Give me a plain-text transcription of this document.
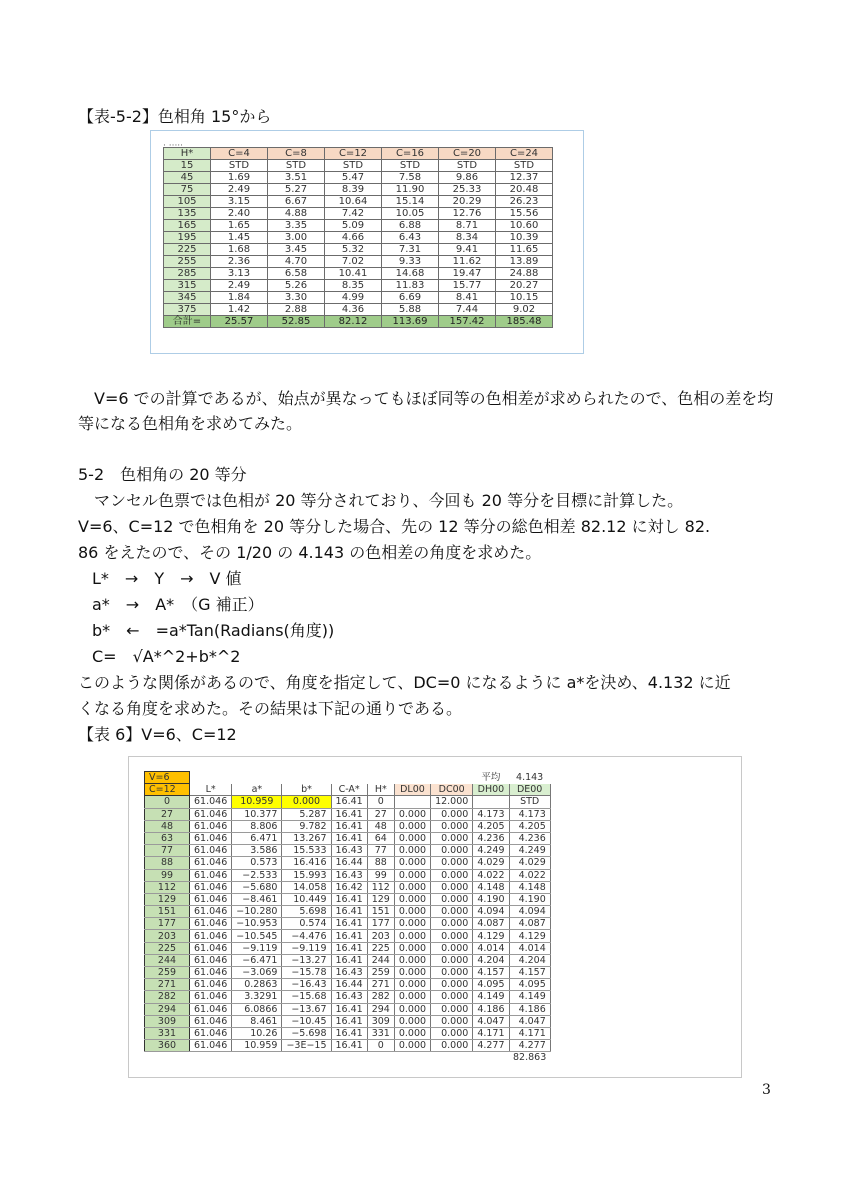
【表-5-2】色相角 15°から
· ·····
H*	C=4	C=8	C=12	C=16	C=20	C=24
15	STD	STD	STD	STD	STD	STD
45	1.69	3.51	5.47	7.58	9.86	12.37
75	2.49	5.27	8.39	11.90	25.33	20.48
105	3.15	6.67	10.64	15.14	20.29	26.23
135	2.40	4.88	7.42	10.05	12.76	15.56
165	1.65	3.35	5.09	6.88	8.71	10.60
195	1.45	3.00	4.66	6.43	8.34	10.39
225	1.68	3.45	5.32	7.31	9.41	11.65
255	2.36	4.70	7.02	9.33	11.62	13.89
285	3.13	6.58	10.41	14.68	19.47	24.88
315	2.49	5.26	8.35	11.83	15.77	20.27
345	1.84	3.30	4.99	6.69	8.41	10.15
375	1.42	2.88	4.36	5.88	7.44	9.02
合計=	25.57	52.85	82.12	113.69	157.42	185.48

　V=6 での計算であるが、始点が異なってもほぼ同等の色相差が求められたので、色相の差を均等になる色相角を求めてみた。

5-2　色相角の 20 等分
　マンセル色票では色相が 20 等分されており、今回も 20 等分を目標に計算した。
V=6、C=12 で色相角を 20 等分した場合、先の 12 等分の総色相差 82.12 に対し 82.
86 をえたので、その 1/20 の 4.143 の色相差の角度を求めた。
L*　→　Y　→　V 値
a*　→　A*　（G 補正）
b*　←　=a*Tan(Radians(角度))
C=　√A*^2+b*^2
このような関係があるので、角度を指定して、DC=0 になるように a*を決め、4.132 に近
くなる角度を求めた。その結果は下記の通りである。
【表 6】V=6、C=12
V=6								平均	4.143
C=12	L*	a*	b*	C-A*	H*	DL00	DC00	DH00	DE00
0	61.046	10.959	0.000	16.41	0		12.000		STD
27	61.046	10.377	5.287	16.41	27	0.000	0.000	4.173	4.173
48	61.046	8.806	9.782	16.41	48	0.000	0.000	4.205	4.205
63	61.046	6.471	13.267	16.41	64	0.000	0.000	4.236	4.236
77	61.046	3.586	15.533	16.43	77	0.000	0.000	4.249	4.249
88	61.046	0.573	16.416	16.44	88	0.000	0.000	4.029	4.029
99	61.046	−2.533	15.993	16.43	99	0.000	0.000	4.022	4.022
112	61.046	−5.680	14.058	16.42	112	0.000	0.000	4.148	4.148
129	61.046	−8.461	10.449	16.41	129	0.000	0.000	4.190	4.190
151	61.046	−10.280	5.698	16.41	151	0.000	0.000	4.094	4.094
177	61.046	−10.953	0.574	16.41	177	0.000	0.000	4.087	4.087
203	61.046	−10.545	−4.476	16.41	203	0.000	0.000	4.129	4.129
225	61.046	−9.119	−9.119	16.41	225	0.000	0.000	4.014	4.014
244	61.046	−6.471	−13.27	16.41	244	0.000	0.000	4.204	4.204
259	61.046	−3.069	−15.78	16.43	259	0.000	0.000	4.157	4.157
271	61.046	0.2863	−16.43	16.44	271	0.000	0.000	4.095	4.095
282	61.046	3.3291	−15.68	16.43	282	0.000	0.000	4.149	4.149
294	61.046	6.0866	−13.67	16.41	294	0.000	0.000	4.186	4.186
309	61.046	8.461	−10.45	16.41	309	0.000	0.000	4.047	4.047
331	61.046	10.26	−5.698	16.41	331	0.000	0.000	4.171	4.171
360	61.046	10.959	−3E−15	16.41	0	0.000	0.000	4.277	4.277
									82.863
3
